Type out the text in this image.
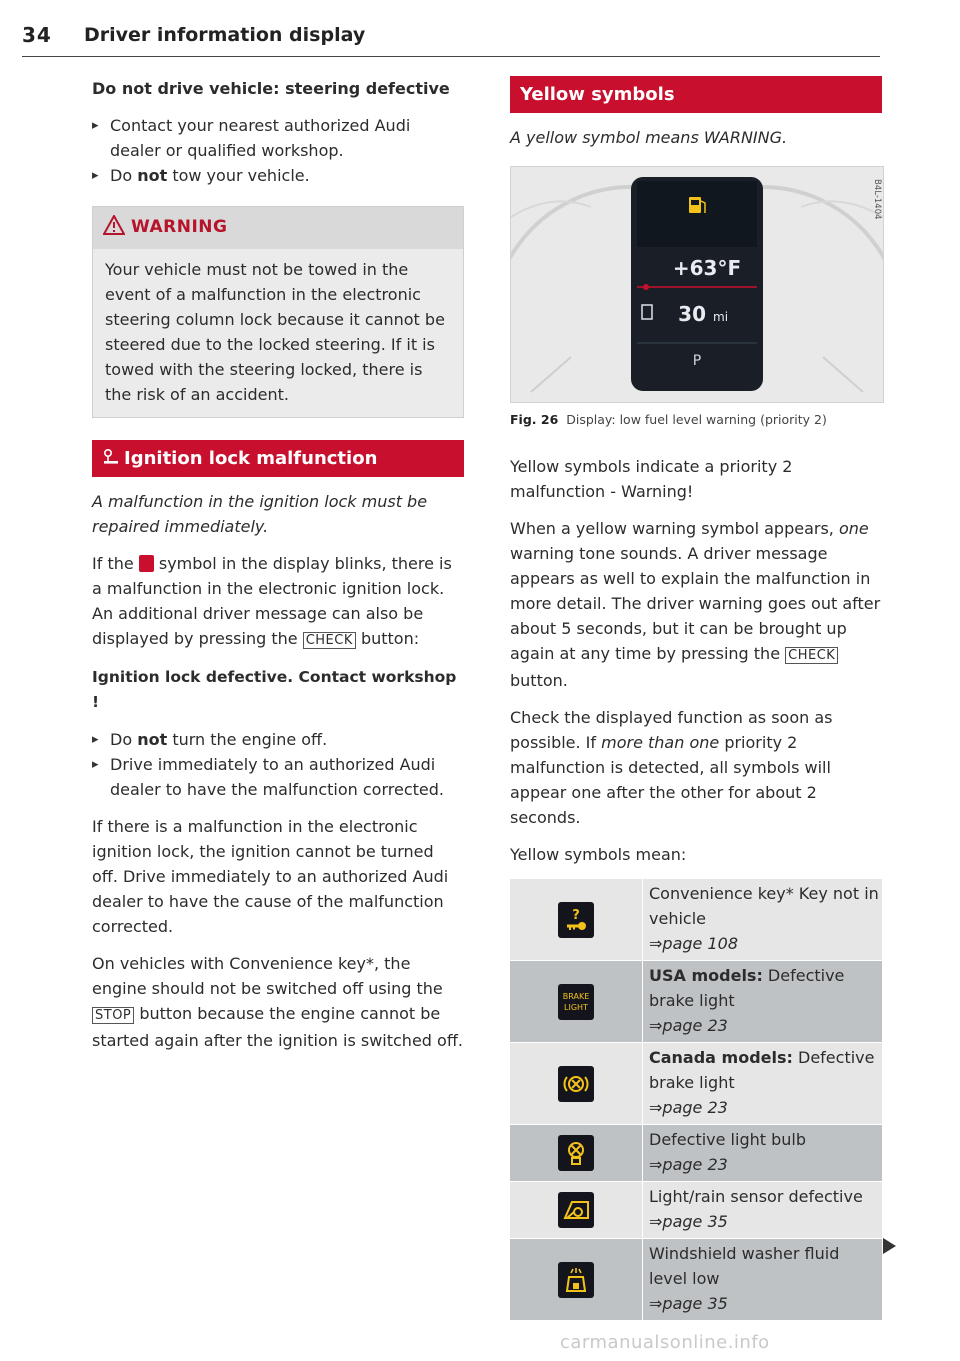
34 Driver information display

Do not drive vehicle: steering defective

▸ Contact your nearest authorized Audi dealer or qualified workshop.
▸ Do not tow your vehicle.
WARNING
Your vehicle must not be towed in the event of a malfunction in the electronic steering column lock because it cannot be steered due to the locked steering. If it is towed with the steering locked, there is the risk of an accident.
Ignition lock malfunction

A malfunction in the ignition lock must be repaired immediately.

If the  symbol in the display blinks, there is a malfunction in the electronic ignition lock. An additional driver message can also be displayed by pressing the CHECK button:

Ignition lock defective. Contact workshop !

▸ Do not turn the engine off.
▸ Drive immediately to an authorized Audi dealer to have the malfunction corrected.

If there is a malfunction in the electronic ignition lock, the ignition cannot be turned off. Drive immediately to an authorized Audi dealer to have the cause of the malfunction corrected.

On vehicles with Convenience key*, the engine should not be switched off using the STOP button because the engine cannot be started again after the ignition is switched off.

Yellow symbols

A yellow symbol means WARNING.

+63°F
30 mi
P
B4L-1404
Fig. 26 Display: low fuel level warning (priority 2)

Yellow symbols indicate a priority 2 malfunction - Warning!

When a yellow warning symbol appears, one warning tone sounds. A driver message appears as well to explain the malfunction in more detail. The driver warning goes out after about 5 seconds, but it can be brought up again at any time by pressing the CHECK button.

Check the displayed function as soon as possible. If more than one priority 2 malfunction is detected, all symbols will appear one after the other for about 2 seconds.

Yellow symbols mean:

?
Convenience key* Key not in vehicle
⇒page 108
BRAKE
LIGHT
USA models: Defective brake light
⇒page 23
Canada models: Defective brake light
⇒page 23
Defective light bulb
⇒page 23
Light/rain sensor defective
⇒page 35
Windshield washer fluid level low
⇒page 35
carmanualsonline.info
